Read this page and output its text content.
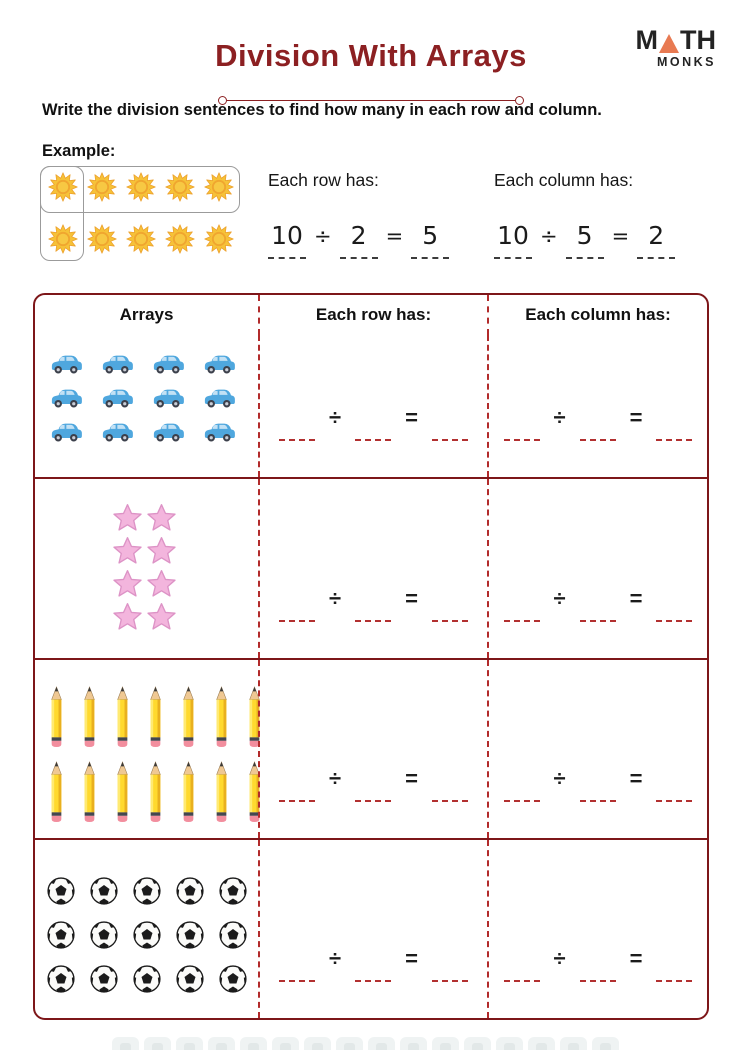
M TH
MONKS
Division With Arrays
Write the division sentences to find how many in each row and column.
Example:
Each row has:
10 ÷ 2 = 5
Each column has:
10 ÷ 5 = 2
Arrays	Each row has:	Each column has:
÷	=	÷	=
÷	=	÷	=
÷	=	÷	=
÷	=	÷	=
